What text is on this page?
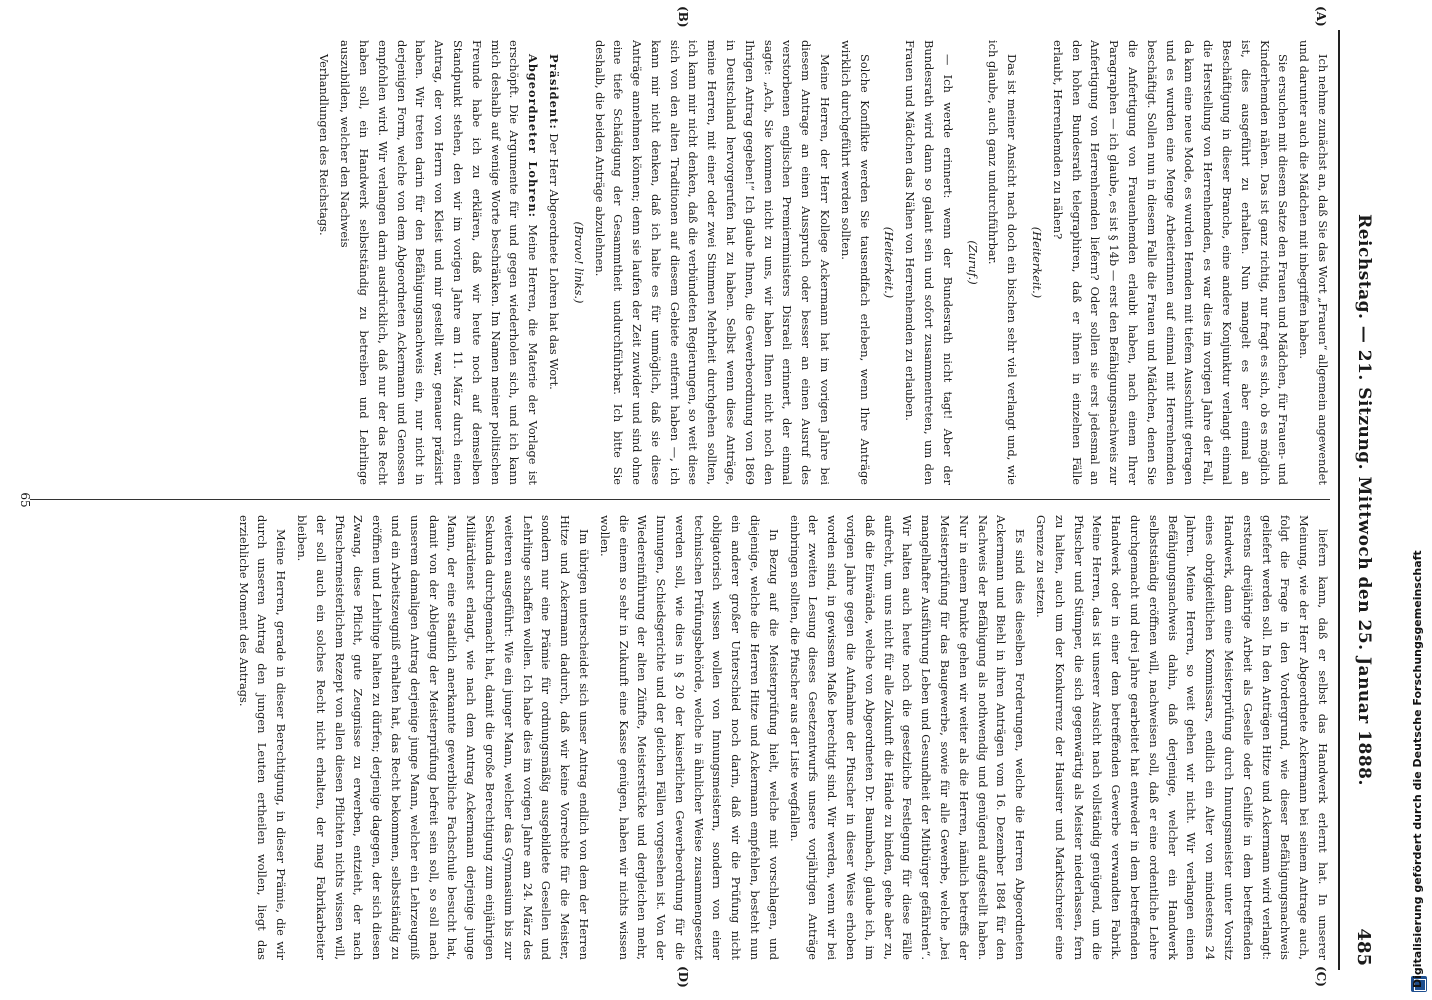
Reichstag. — 21. Sitzung. Mittwoch den 25. Januar 1888.
485
(A)
(B)
(C)
(D)

Ich nehme zunächst an, daß Sie das Wort „Frauen“ allgemein angewendet und darunter auch die Mädchen mit inbegriffen haben.

Sie ersuchen mit diesem Satze den Frauen und Mädchen, für Frauen- und Kinderhemden nähen. Das ist ganz richtig, nur fragt es sich, ob es möglich ist, dies ausgeführt zu erhalten. Nun mangelt es aber einmal an Beschäftigung in dieser Branche, eine andere Konjunktur verlangt einmal die Herstellung von Herrenhemden, es war dies im vorigen Jahre der Fall, da kam eine neue Mode, es wurden Hemden mit tiefem Ausschnitt getragen und es wurden eine Menge Arbeiterinnen auf einmal mit Herrenhemden beschäftigt. Sollen nun in diesem Falle die Frauen und Mädchen, denen Sie die Anfertigung von Frauenhemden erlaubt haben, nach einem Ihrer Paragraphen — ich glaube, es ist § 14b — erst den Befähigungsnachweis zur Anfertigung von Herrenhemden liefern? Oder sollen sie erst jedesmal an den hohen Bundesrath telegraphiren, daß er ihnen in einzelnen Fälle erlaubt, Herrenhemden zu nähen?

(Heiterkeit.)

Das ist meiner Ansicht nach doch ein bischen sehr viel verlangt und, wie ich glaube, auch ganz undurchführbar.

(Zuruf.)

— Ich werde erinnert: wenn der Bundesrath nicht tagt! Aber der Bundesrath wird dann so galant sein und sofort zusammentreten, um den Frauen und Mädchen das Nähen von Herrenhemden zu erlauben.

(Heiterkeit.)

Solche Konflikte werden Sie tausendfach erleben, wenn Ihre Anträge wirklich durchgeführt werden sollten.

Meine Herren, der Herr Kollege Ackermann hat im vorigen Jahre bei diesem Antrage an einen Ausspruch oder besser an einen Ausruf des verstorbenen englischen Premierministers Disraeli erinnert, der einmal sagte: „Ach, Sie kommen nicht zu uns, wir haben Ihnen nicht noch den Ihrigen Antrag gegeben!“ Ich glaube Ihnen, die Gewerbeordnung von 1869 in Deutschland hervorgerufen hat zu haben. Selbst wenn diese Anträge, meine Herren, mit einer oder zwei Stimmen Mehrheit durchgehen sollten, ich kann mir nicht denken, daß die verbündeten Regierungen, so weit diese sich von den alten Traditionen auf diesem Gebiete entfernt haben —, ich kann mir nicht denken, daß ich halte es für unmöglich, daß sie diese Anträge annehmen können; denn sie laufen der Zeit zuwider und sind ohne eine tiefe Schädigung der Gesammtheit undurchführbar. Ich bitte Sie deshalb, die beiden Anträge abzulehnen.

(Bravo! links.)

Präsident: Der Herr Abgeordnete Lohren hat das Wort.

Abgeordneter Lohren: Meine Herren, die Materie der Vorlage ist erschöpft. Die Argumente für und gegen wiederholen sich, und ich kann mich deshalb auf wenige Worte beschränken. Im Namen meiner politischen Freunde habe ich zu erklären, daß wir heute noch auf demselben Standpunkt stehen, den wir im vorigen Jahre am 11. März durch einen Antrag, der von Herrn von Kleist und mir gestellt war, genauer präzisirt haben. Wir treten darin für den Befähigungsnachweis ein, nur nicht in derjenigen Form, welche von dem Abgeordneten Ackermann und Genossen empfohlen wird. Wir verlangen darin ausdrücklich, daß nur der das Recht haben soll, ein Handwerk selbstständig zu betreiben und Lehrlinge auszubilden, welcher den Nachweis

Verhandlungen des Reichstags.

liefern kann, daß er selbst das Handwerk erlernt hat. In unserer Meinung, wie der Herr Abgeordnete Ackermann bei seinem Antrage auch, folgt die Frage in den Vordergrund, wie dieser Befähigungsnachweis geliefert werden soll. In den Anträgen Hitze und Ackermann wird verlangt: erstens dreijährige Arbeit als Geselle oder Gehilfe in dem betreffenden Handwerk, dann eine Meisterprüfung durch Innungsmeister unter Vorsitz eines obrigkeitlichen Kommissars, endlich ein Alter von mindestens 24 Jahren. Meine Herren, so weit gehen wir nicht. Wir verlangen einen Befähigungsnachweis dahin, daß derjenige, welcher ein Handwerk selbstständig eröffnen will, nachweisen soll, daß er eine ordentliche Lehre durchgemacht und drei Jahre gearbeitet hat entweder in dem betreffenden Handwerk oder in einer dem betreffenden Gewerbe verwandten Fabrik. Meine Herren, das ist unserer Ansicht nach vollständig genügend, um die Pfuscher und Stümper, die sich gegenwärtig als Meister niederlassen, fern zu halten, auch um der Konkurrenz der Hausirer und Marktschreier eine Grenze zu setzen.

Es sind dies dieselben Forderungen, welche die Herren Abgeordneten Ackermann und Biehl in ihren Anträgen vom 16. Dezember 1884 für den Nachweis der Befähigung als nothwendig und genügend aufgestellt haben. Nur in einem Punkte gehen wir weiter als die Herren, nämlich betreffs der Meisterprüfung für das Baugewerbe, sowie für alle Gewerbe, welche „bei mangelhafter Ausführung Leben und Gesundheit der Mitbürger gefährden“. Wir halten auch heute noch die gesetzliche Festlegung für diese Fälle aufrecht, um uns nicht für alle Zukunft die Hände zu binden, gehe aber zu, daß die Einwände, welche von Abgeordneten Dr. Baumbach, glaube ich, im vorigen Jahre gegen die Aufnahme der Pfuscher in dieser Weise erhoben worden sind, in gewissem Maße berechtigt sind. Wir werden, wenn wir bei der zweiten Lesung dieses Gesetzentwurfs unsere vorjährigen Anträge einbringen sollten, die Pfuscher aus der Liste wegfallen.

In Bezug auf die Meisterprüfung hielt, welche mit vorschlagen, und diejenige, welche die Herren Hitze und Ackermann empfehlen, besteht nun ein anderer großer Unterschied noch darin, daß wir die Prüfung nicht obligatorisch wissen wollen von Innungsmeistern, sondern von einer technischen Prüfungsbehörde, welche in ähnlicher Weise zusammengesetzt werden soll, wie dies in § 20 der kaiserlichen Gewerbeordnung für die Innungen, Schiedsgerichte und der gleichen Fällen vorgesehen ist. Von der Wiedereinführung der alten Zünfte, Meisterstücke und dergleichen mehr, die einem so sehr in Zukunft eine Kasse genügen, haben wir nichts wissen wollen.

Im übrigen unterscheidet sich unser Antrag endlich von dem der Herren Hitze und Ackermann dadurch, daß wir keine Vorrechte für die Meister, sondern nur eine Prämie für ordnungsmäßig ausgebildete Gesellen und Lehrlinge schaffen wollen. Ich habe dies im vorigen Jahre am 24. März des weiteren ausgeführt: Wie ein junger Mann, welcher das Gymnasium bis zur Sekunda durchgemacht hat, damit die große Berechtigung zum einjährigen Militärdienst erlangt, wie nach dem Antrag Ackermann derjenige junge Mann, der eine staatlich anerkannte gewerbliche Fachschule besucht hat, damit von der Ablegung der Meisterprüfung befreit sein soll, so soll nach unserem damaligen Antrag derjenige junge Mann, welcher ein Lehrzeugniß und ein Arbeitszeugniß erhalten hat, das Recht bekommen, selbstständig zu eröffnen und Lehrlinge halten zu dürfen; derjenige dagegen, der sich diesen Zwang, diese Pflicht, gute Zeugnisse zu erwerben, entzieht, der nach Pfuschermeisterlichem Rezept von allen diesen Pflichten nichts wissen will, der soll auch ein solches Recht nicht erhalten, der mag Fabrikarbeiter bleiben.

Meine Herren, gerade in dieser Berechtigung, in dieser Prämie, die wir durch unseren Antrag den jungen Leuten ertheilen wollen, liegt das erziehliche Moment des Antrags.

65
Digitalisierung gefördert durch die Deutsche Forschungsgemeinschaft
